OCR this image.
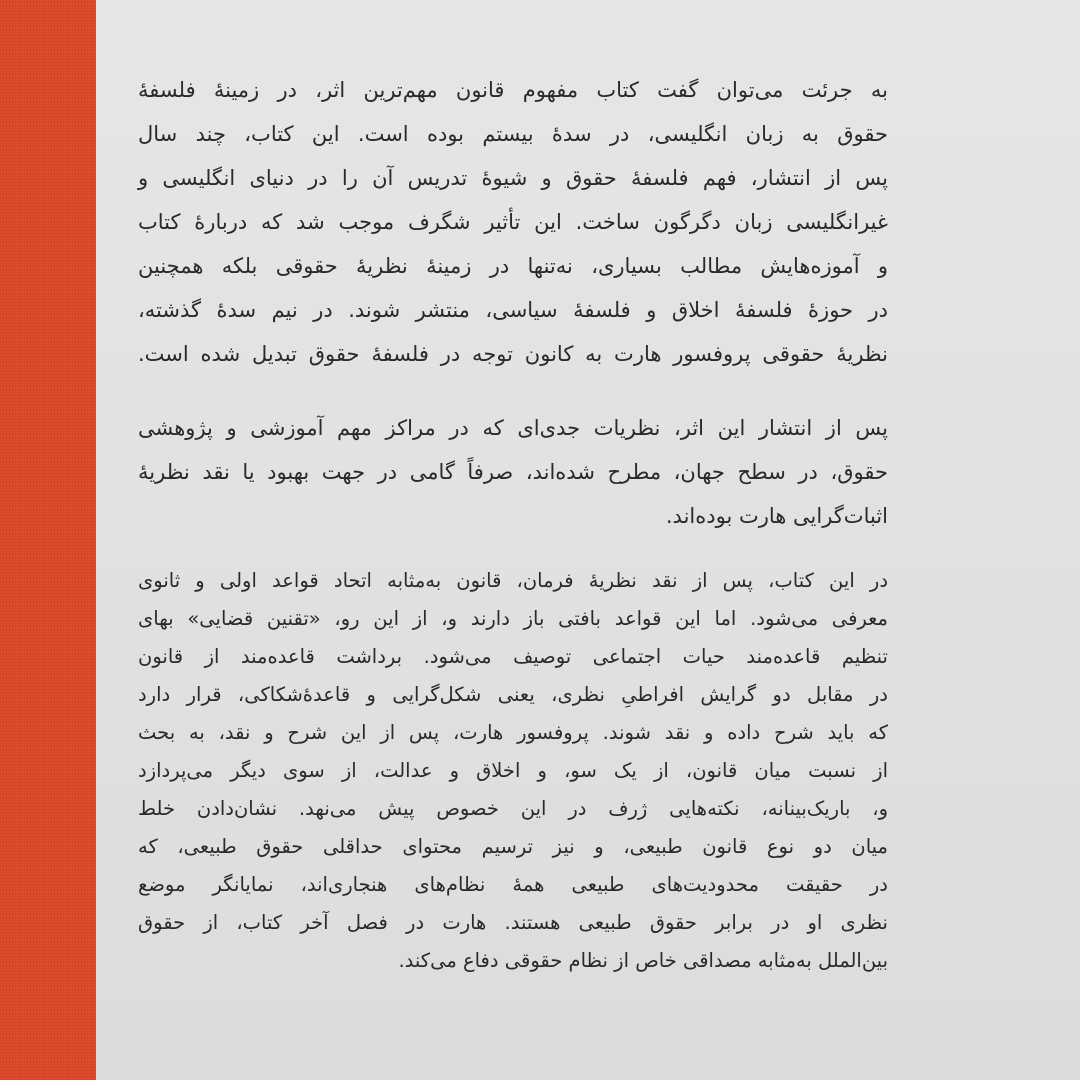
به جرئت می‌توان گفت کتاب مفهوم قانون مهم‌ترین اثر، در زمینهٔ فلسفهٔ
حقوق به زبان انگلیسی، در سدهٔ بیستم بوده است. این کتاب، چند سال
پس از انتشار، فهم فلسفهٔ حقوق و شیوهٔ تدریس آن را در دنیای انگلیسی و
غیرانگلیسی زبان دگرگون ساخت. این تأثیر شگرف موجب شد که دربارهٔ کتاب
و آموزه‌هایش مطالب بسیاری، نه‌تنها در زمینهٔ نظریهٔ حقوقی بلکه همچنین
در حوزهٔ فلسفهٔ اخلاق و فلسفهٔ سیاسی، منتشر شوند. در نیم سدهٔ گذشته،
نظریهٔ حقوقی پروفسور هارت به کانون توجه در فلسفهٔ حقوق تبدیل شده است.
پس از انتشار این اثر، نظریات جدی‌ای که در مراکز مهم آموزشی و پژوهشی
حقوق، در سطح جهان، مطرح شده‌اند، صرفاً گامی در جهت بهبود یا نقد نظریهٔ
اثبات‌گرایی هارت بوده‌اند.
در این کتاب، پس از نقد نظریهٔ فرمان، قانون به‌مثابه اتحاد قواعد اولی و ثانوی
معرفی می‌شود. اما این قواعد بافتی باز دارند و، از این رو، «تقنین قضایی» بهای
تنظیم قاعده‌مند حیات اجتماعی توصیف می‌شود. برداشت قاعده‌مند از قانون
در مقابل دو گرایش افراطیِ نظری، یعنی شکل‌گرایی و قاعدهٔ‌شکاکی، قرار دارد
که باید شرح داده و نقد شوند. پروفسور هارت، پس از این شرح و نقد، به بحث
از نسبت میان قانون، از یک سو، و اخلاق و عدالت، از سوی دیگر می‌پردازد
و، باریک‌بینانه، نکته‌هایی ژرف در این خصوص پیش می‌نهد. نشان‌دادن خلط
میان دو نوع قانون طبیعی، و نیز ترسیم محتوای حداقلی حقوق طبیعی، که
در حقیقت محدودیت‌های طبیعی همهٔ نظام‌های هنجاری‌اند، نمایانگر موضع
نظری او در برابر حقوق طبیعی هستند. هارت در فصل آخر کتاب، از حقوق
بین‌الملل به‌مثابه مصداقی خاص از نظام حقوقی دفاع می‌کند.
